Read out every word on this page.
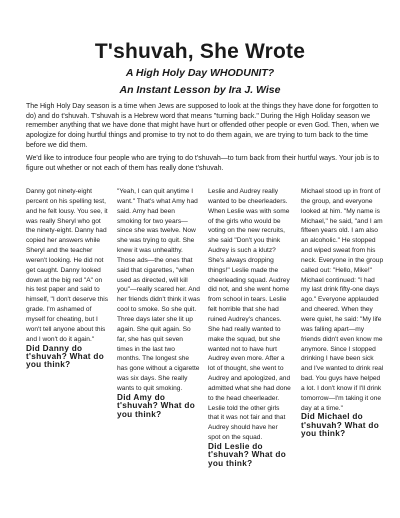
T'shuvah, She Wrote

A High Holy Day WHODUNIT?

An Instant Lesson by Ira J. Wise

The High Holy Day season is a time when Jews are supposed to look at the things they have done for forgotten to do) and do t'shuvah. T'shuvah is a Hebrew word that means "turning back." During the High Holiday season we remember anything that we have done that might have hurt or offended other people or even God. Then, when we apologize for doing hurtful things and promise to try not to do them again, we are trying to turn back to the time before we did them.

We'd like to introduce four people who are trying to do t'shuvah—to turn back from their hurtful ways. Your job is to figure out whether or not each of them has really done t'shuvah.

Danny got ninety-eight percent on his spelling test, and he felt lousy. You see, it was really Sheryl who got the ninety-eight. Danny had copied her answers while Sheryl and the teacher weren't looking. He did not get caught. Danny looked down at the big red "A" on his test paper and said to himself, "I don't deserve this grade. I'm ashamed of myself for cheating, but I won't tell anyone about this and I won't do it again."

Did Danny do t'shuvah? What do you think?

"Yeah, I can quit anytime I want." That's what Amy had said. Amy had been smoking for two years—since she was twelve. Now she was trying to quit. She knew it was unhealthy. Those ads—the ones that said that cigarettes, "when used as directed, will kill you"—really scared her. And her friends didn't think it was cool to smoke. So she quit. Three days later she lit up again. She quit again. So far, she has quit seven times in the last two months. The longest she has gone without a cigarette was six days. She really wants to quit smoking.

Did Amy do t'shuvah? What do you think?

Leslie and Audrey really wanted to be cheerleaders. When Leslie was with some of the girls who would be voting on the new recruits, she said "Don't you think Audrey is such a klutz? She's always dropping things!" Leslie made the cheerleading squad. Audrey did not, and she went home from school in tears. Leslie felt horrible that she had ruined Audrey's chances. She had really wanted to make the squad, but she wanted not to have hurt Audrey even more. After a lot of thought, she went to Audrey and apologized, and admitted what she had done to the head cheerleader. Leslie told the other girls that it was not fair and that Audrey should have her spot on the squad.

Did Leslie do t'shuvah? What do you think?

Michael stood up in front of the group, and everyone looked at him. "My name is Michael," he said, "and I am fifteen years old. I am also an alcoholic." He stopped and wiped sweat from his neck. Everyone in the group called out: "Hello, Mike!" Michael continued: "I had my last drink fifty-one days ago." Everyone applauded and cheered. When they were quiet, he said: "My life was falling apart—my friends didn't even know me anymore. Since I stopped drinking I have been sick and I've wanted to drink real bad. You guys have helped a lot. I don't know if I'll drink tomorrow—I'm taking it one day at a time."

Did Michael do t'shuvah? What do you think?
